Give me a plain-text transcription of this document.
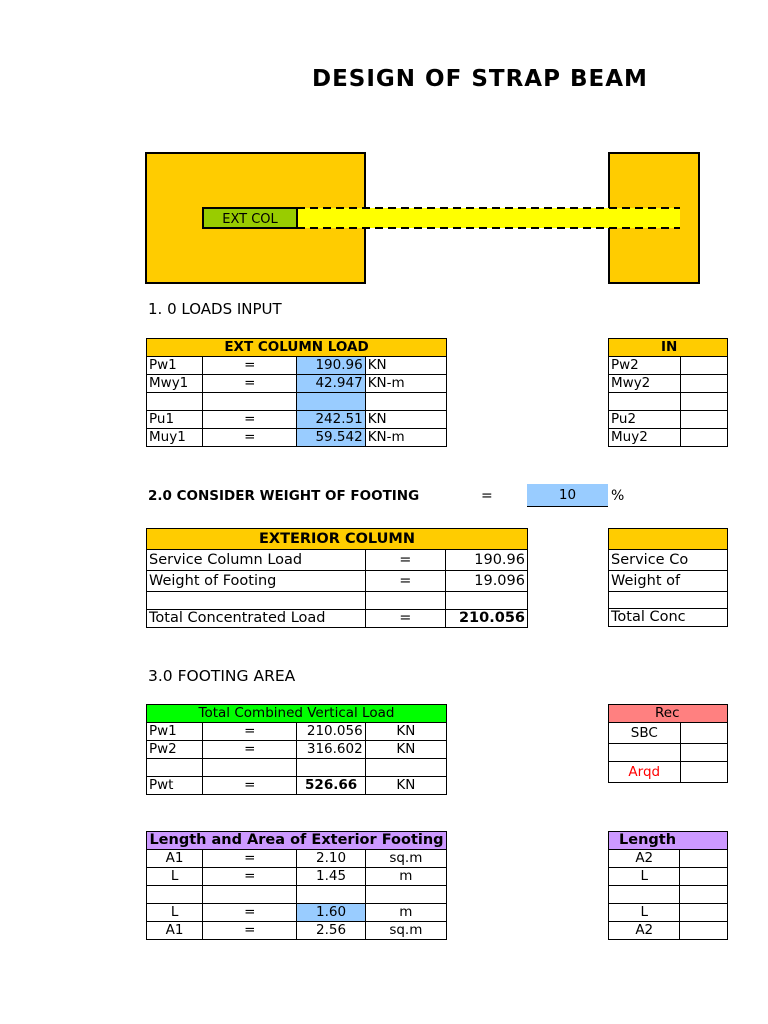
DESIGN OF STRAP BEAM
EXT COL
1. 0 LOADS INPUT
EXT COLUMN LOAD			
Pw1	=	190.96	KN
Mwy1	=	42.947	KN-m

Pu1	=	242.51	KN
Muy1	=	59.542	KN-m
IN	
Pw2	
Mwy2	

Pu2	
Muy2	
2.0 CONSIDER WEIGHT OF FOOTING	=	10	%
EXTERIOR COLUMN		
Service Column Load	=	190.96
Weight of Footing	=	19.096

Total Concentrated Load	=	210.056

Service Co
Weight of

Total Conc
3.0 FOOTING AREA
Total Combined Vertical Load			
Pw1	=	210.056	KN
Pw2	=	316.602	KN

Pwt	=	526.66	KN
Rec	
SBC	

Arqd	
Length and Area of Exterior Footing			
A1	=	2.10	sq.m
L	=	1.45	m

L	=	1.60	m
A1	=	2.56	sq.m
Length	
A2	
L	

L	
A2	
